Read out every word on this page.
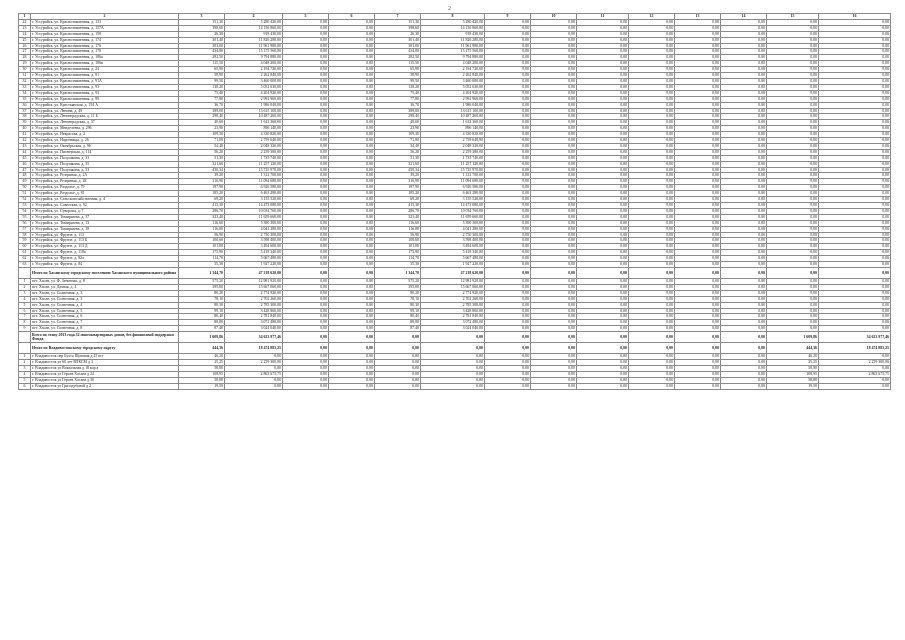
2
1	2	3	4	5	6	7	8	9	10	11	12	13	14	15	16
22	г. Уссурийск, ул. Краснознаменная, д. 133	151,30	5 280 420,00	0,00	0,00	151,30	5 280 420,00	0,00	0,00	0,00	0,00	0,00	0,00	0,00	0,00
23	г. Уссурийск, ул. Краснознаменная, д. 157А	398,60	14 156 860,00	0,00	0,00	398,60	14 156 860,00	0,00	0,00	0,00	0,00	0,00	0,00	0,00	0,00
24	г. Уссурийск, ул. Краснознаменная, д. 158	26,30	918 430,00	0,00	0,00	26,30	918 430,00	0,00	0,00	0,00	0,00	0,00	0,00	0,00	0,00
25	г. Уссурийск, ул. Краснознаменная, д. 174	301,40	11 826 280,00	0,00	0,00	301,40	11 826 280,00	0,00	0,00	0,00	0,00	0,00	0,00	0,00	0,00
26	г. Уссурийск, ул. Краснознаменная, д. 176	303,00	11 961 980,00	0,00	0,00	303,00	11 961 980,00	0,00	0,00	0,00	0,00	0,00	0,00	0,00	0,00
27	г. Уссурийск, ул. Краснознаменная, д. 178	434,80	15 175 560,00	0,00	0,00	434,80	15 175 560,00	0,00	0,00	0,00	0,00	0,00	0,00	0,00	0,00
28	г. Уссурийск, ул. Краснознаменная, д. 186а	282,50	9 794 880,00	0,00	0,00	282,50	9 794 880,00	0,00	0,00	0,00	0,00	0,00	0,00	0,00	0,00
29	г. Уссурийск, ул. Краснознаменная, д. 186в	115,50	4 048 200,00	0,00	0,00	115,50	4 048 200,00	0,00	0,00	0,00	0,00	0,00	0,00	0,00	0,00
30	г. Уссурийск, ул. Краснознаменная, д. 24	65,90	2 194 720,00	0,00	0,00	65,90	2 194 720,00	0,00	0,00	0,00	0,00	0,00	0,00	0,00	0,00
31	г. Уссурийск, ул. Краснознаменная, д. 91	58,90	2 262 840,00	0,00	0,00	58,90	2 262 840,00	0,00	0,00	0,00	0,00	0,00	0,00	0,00	0,00
32	г. Уссурийск, ул. Краснознаменная, д. 91А	99,50	3 460 000,00	0,00	0,00	99,50	3 460 000,00	0,00	0,00	0,00	0,00	0,00	0,00	0,00	0,00
33	г. Уссурийск, ул. Краснознаменная, д. 93	138,20	5 052 630,00	0,00	0,00	138,20	5 052 630,00	0,00	0,00	0,00	0,00	0,00	0,00	0,00	0,00
34	г. Уссурийск, ул. Краснознаменная, д. 93	75,40	4 204 920,00	0,00	0,00	75,40	4 204 920,00	0,00	0,00	0,00	0,00	0,00	0,00	0,00	0,00
35	г. Уссурийск, ул. Краснознаменная, д. 99	77,80	2 992 960,00	0,00	0,00	77,80	2 992 960,00	0,00	0,00	0,00	0,00	0,00	0,00	0,00	0,00
36	г. Уссурийск, ул. Крестьянская, д. 154 А	36,70	1 986 040,00	0,00	0,00	36,70	1 986 040,00	0,00	0,00	0,00	0,00	0,00	0,00	0,00	0,00
37	г. Уссурийск, ул. Ленина, д. 49	389,00	13 615 100,00	0,00	0,00	389,00	13 615 100,00	0,00	0,00	0,00	0,00	0,00	0,00	0,00	0,00
38	г. Уссурийск, ул. Ленинградская, д. 11 Б	298,40	10 487 260,00	0,00	0,00	298,40	10 487 260,00	0,00	0,00	0,00	0,00	0,00	0,00	0,00	0,00
39	г. Уссурийск, ул. Ленинградская, д. 37	40,60	1 612 360,00	0,00	0,00	40,60	1 612 360,00	0,00	0,00	0,00	0,00	0,00	0,00	0,00	0,00
40	г. Уссурийск, ул. Менделеева, д. 296	23,90	896 140,00	0,00	0,00	23,90	896 140,00	0,00	0,00	0,00	0,00	0,00	0,00	0,00	0,00
41	г. Уссурийск, ул. Некрасова, д. 2	109,30	4 330 820,00	0,00	0,00	109,30	4 330 820,00	0,00	0,00	0,00	0,00	0,00	0,00	0,00	0,00
42	г. Уссурийск, ул. Нарсеницы, д. 26	71,00	2 759 640,00	0,00	0,00	71,00	2 759 640,00	0,00	0,00	0,00	0,00	0,00	0,00	0,00	0,00
43	г. Уссурийск, ул. Октябрьская, д. 96	54,40	2 048 320,00	0,00	0,00	54,40	2 048 320,00	0,00	0,00	0,00	0,00	0,00	0,00	0,00	0,00
44	г. Уссурийск, ул. Пионерская, д. 114	56,20	2 259 380,00	0,00	0,00	56,20	2 259 380,00	0,00	0,00	0,00	0,00	0,00	0,00	0,00	0,00
45	г. Уссурийск, ул. Полушкина, д. 33	51,30	1 735 740,00	0,00	0,00	51,30	1 735 740,00	0,00	0,00	0,00	0,00	0,00	0,00	0,00	0,00
46	г. Уссурийск, ул. Полушкина, д. 35	321,60	11 257 120,00	0,00	0,00	321,60	11 257 120,00	0,00	0,00	0,00	0,00	0,00	0,00	0,00	0,00
47	г. Уссурийск, ул. Полушкина, д. 53	450,34	15 725 970,00	0,00	0,00	450,34	15 725 970,00	0,00	0,00	0,00	0,00	0,00	0,00	0,00	0,00
48	г. Уссурийск, ул. Резервная, д. 2А	39,20	1 312 700,00	0,00	0,00	39,20	1 312 700,00	0,00	0,00	0,00	0,00	0,00	0,00	0,00	0,00
49	г. Уссурийск, ул. Резервная, д. 2Б	316,90	11 094 680,00	0,00	0,00	316,90	11 094 680,00	0,00	0,00	0,00	0,00	0,00	0,00	0,00	0,00
50	г. Уссурийск, ул. Раздолье, д. 79	197,90	6 926 580,00	0,00	0,00	197,90	6 926 580,00	0,00	0,00	0,00	0,00	0,00	0,00	0,00	0,00
51	г. Уссурийск, ул. Раздолье, д. 81	185,20	6 463 280,00	0,00	0,00	185,20	6 463 280,00	0,00	0,00	0,00	0,00	0,00	0,00	0,00	0,00
52	г. Уссурийск, ул. Сельскохозяйственная, д. 4	69,20	3 155 520,00	0,00	0,00	69,20	3 155 520,00	0,00	0,00	0,00	0,00	0,00	0,00	0,00	0,00
53	г. Уссурийск, ул. Советская, д. 92	415,30	14 473 080,00	0,00	0,00	415,30	14 473 080,00	0,00	0,00	0,00	0,00	0,00	0,00	0,00	0,00
54	г. Уссурийск, ул. Суворова, д. 7	286,70	10 034 760,00	0,00	0,00	286,70	10 034 760,00	0,00	0,00	0,00	0,00	0,00	0,00	0,00	0,00
55	г. Уссурийск, ул. Тимирязева, д. 37	323,40	11 659 660,00	0,00	0,00	323,40	11 659 660,00	0,00	0,00	0,00	0,00	0,00	0,00	0,00	0,00
56	г. Уссурийск, ул. Тимирязева, д. 13	116,60	5 390 300,00	0,00	0,00	116,60	5 390 300,00	0,00	0,00	0,00	0,00	0,00	0,00	0,00	0,00
57	г. Уссурийск, ул. Тимирязева, д. 39	116,80	4 041 280,00	0,00	0,00	116,80	4 041 280,00	0,00	0,00	0,00	0,00	0,00	0,00	0,00	0,00
58	г. Уссурийск, ул. Фрунзе, д. 113	56,90	2 750 300,00	0,00	0,00	56,90	2 750 300,00	0,00	0,00	0,00	0,00	0,00	0,00	0,00	0,00
59	г. Уссурийск, ул. Фрунзе, д. 113 Б	100,60	3 598 400,00	0,00	0,00	100,60	3 598 400,00	0,00	0,00	0,00	0,00	0,00	0,00	0,00	0,00
60	г. Уссурийск, ул. Фрунзе, д. 113 Д	101,00	3 494 600,00	0,00	0,00	101,00	3 494 600,00	0,00	0,00	0,00	0,00	0,00	0,00	0,00	0,00
61	г. Уссурийск, ул. Фрунзе, д. 118а	175,90	5 418 340,00	0,00	0,00	175,90	5 418 340,00	0,00	0,00	0,00	0,00	0,00	0,00	0,00	0,00
62	г. Уссурийск, ул. Фрунзе, д. 82а	114,70	5 667 480,00	0,00	0,00	114,70	5 667 480,00	0,00	0,00	0,00	0,00	0,00	0,00	0,00	0,00
63	г. Уссурийск, ул. Фрунзе, д. 84	55,30	1 927 220,00	0,00	0,00	55,30	1 927 220,00	0,00	0,00	0,00	0,00	0,00	0,00	0,00	0,00
	Итого по Хасанскому городскому поселению Хасанского муниципального района	1 344,70	47 218 620,00	0,00	0,00	1 344,70	47 218 620,00	0,00	0,00	0,00	0,00	0,00	0,00	0,00	0,00
1	пгт. Хасан, ул. Ф. Зенитная, д. 8	575,20	12 981 920,00	0,00	0,00	575,20	12 981 920,00	0,00	0,00	0,00	0,00	0,00	0,00	0,00	0,00
2	пгт. Хасан, ул. Дачная, д. 4	395,00	15 667 060,00	0,00	0,00	395,00	15 667 060,00	0,00	0,00	0,00	0,00	0,00	0,00	0,00	0,00
3	пгт. Хасан, ул. Солнечная, д. 3	80,20	2 774 920,00	0,00	0,00	80,20	2 774 920,00	0,00	0,00	0,00	0,00	0,00	0,00	0,00	0,00
4	пгт. Хасан, ул. Солнечная, д. 3	78,10	2 702 260,00	0,00	0,00	78,10	2 702 260,00	0,00	0,00	0,00	0,00	0,00	0,00	0,00	0,00
5	пгт. Хасан, ул. Солнечная, д. 4	80,30	2 785 300,00	0,00	0,00	80,30	2 785 300,00	0,00	0,00	0,00	0,00	0,00	0,00	0,00	0,00
6	пгт. Хасан, ул. Солнечная, д. 5	99,10	3 428 860,00	0,00	0,00	99,10	3 428 860,00	0,00	0,00	0,00	0,00	0,00	0,00	0,00	0,00
7	пгт. Хасан, ул. Солнечная, д. 6	80,40	2 781 840,00	0,00	0,00	80,40	2 781 840,00	0,00	0,00	0,00	0,00	0,00	0,00	0,00	0,00
8	пгт. Хасан, ул. Солнечная, д. 7	88,80	3 072 480,00	0,00	0,00	88,80	3 072 480,00	0,00	0,00	0,00	0,00	0,00	0,00	0,00	0,00
9	пгт. Хасан, ул. Солнечная, д. 8	87,40	3 024 040,00	0,00	0,00	87,40	3 024 040,00	0,00	0,00	0,00	0,00	0,00	0,00	0,00	0,00
	Всего по этапу 2013 года 32 многоквартирных домов, без финансовой поддержки Фонда	1 609,86	34 623 977,46	0,00	0,00	0,00	0,00	0,00	0,00	0,00	0,00	0,00	0,00	1 609,86	34 623 977,46
	Итого по Владивостокскому городскому округу	444,36	18 474 885,25	0,00	0,00	0,00	0,00	0,00	0,00	0,00	0,00	0,00	0,00	444,36	18 474 885,25
1	г. Владивосток пер Бухта Щитовая д 25 пгт	46,20	0,00	0,00	0,00	0,00	0,00	0,00	0,00	0,00	0,00	0,00	0,00	46,20	0,00
2	г. Владивосток ул 60 лет ВЛКСМ д 3	25,25	2 259 300,00	0,00	0,00	0,00	0,00	0,00	0,00	0,00	0,00	0,00	0,00	25,25	2 259 300,00
3	г. Владивосток ул Вокзальная д 18 кор а	58,80	0,00	0,00	0,00	0,00	0,00	0,00	0,00	0,00	0,00	0,00	0,00	58,80	0,00
4	г. Владивосток ул Героев Хасана д 24	108,95	2 863 673,75	0,00	0,00	0,00	0,00	0,00	0,00	0,00	0,00	0,00	0,00	108,95	2 863 673,75
5	г. Владивосток ул Героев Хасана д 30	58,88	0,00	0,00	0,00	0,00	0,00	0,00	0,00	0,00	0,00	0,00	0,00	58,88	0,00
6	г. Владивосток ул Гризодубовой д 2	19,50	0,00	0,00	0,00	0,00	0,00	0,00	0,00	0,00	0,00	0,00	0,00	19,50	0,00
